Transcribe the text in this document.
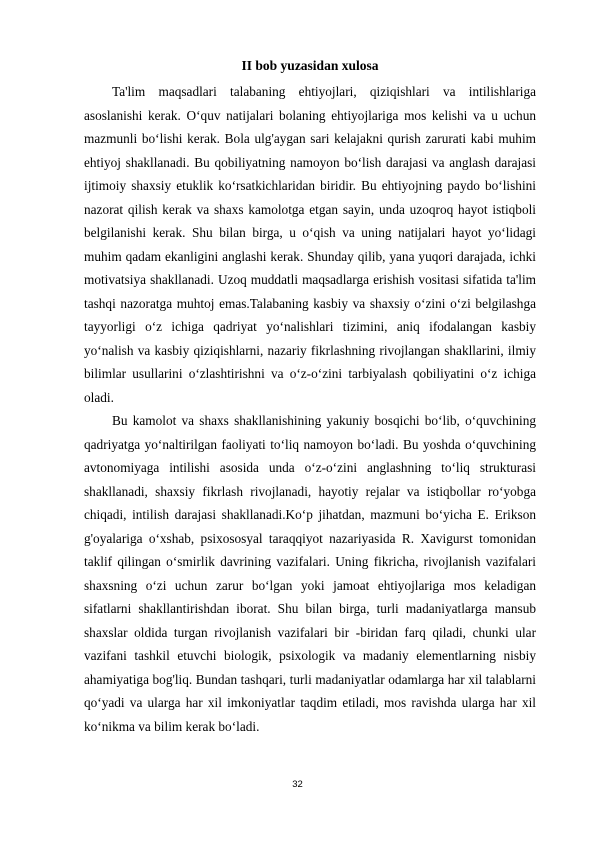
II bob yuzasidan xulosa

Ta'lim maqsadlari talabaning ehtiyojlari, qiziqishlari va intilishlariga asoslanishi kerak. O‘quv natijalari bolaning ehtiyojlariga mos kelishi va u uchun mazmunli bo‘lishi kerak. Bola ulg'aygan sari kelajakni qurish zarurati kabi muhim ehtiyoj shakllanadi. Bu qobiliyatning namoyon bo‘lish darajasi va anglash darajasi ijtimoiy shaxsiy etuklik ko‘rsatkichlaridan biridir. Bu ehtiyojning paydo bo‘lishini nazorat qilish kerak va shaxs kamolotga etgan sayin, unda uzoqroq hayot istiqboli belgilanishi kerak. Shu bilan birga, u o‘qish va uning natijalari hayot yo‘lidagi muhim qadam ekanligini anglashi kerak. Shunday qilib, yana yuqori darajada, ichki motivatsiya shakllanadi. Uzoq muddatli maqsadlarga erishish vositasi sifatida ta'lim tashqi nazoratga muhtoj emas.Talabaning kasbiy va shaxsiy o‘zini o‘zi belgilashga tayyorligi o‘z ichiga qadriyat yo‘nalishlari tizimini, aniq ifodalangan kasbiy yo‘nalish va kasbiy qiziqishlarni, nazariy fikrlashning rivojlangan shakllarini, ilmiy bilimlar usullarini o‘zlashtirishni va o‘z-o‘zini tarbiyalash qobiliyatini o‘z ichiga oladi.

Bu kamolot va shaxs shakllanishining yakuniy bosqichi bo‘lib, o‘quvchining qadriyatga yo‘naltirilgan faoliyati to‘liq namoyon bo‘ladi. Bu yoshda o‘quvchining avtonomiyaga intilishi asosida unda o‘z-o‘zini anglashning to‘liq strukturasi shakllanadi, shaxsiy fikrlash rivojlanadi, hayotiy rejalar va istiqbollar ro‘yobga chiqadi, intilish darajasi shakllanadi.Ko‘p jihatdan, mazmuni bo‘yicha E. Erikson g'oyalariga o‘xshab, psixososyal taraqqiyot nazariyasida R. Xavigurst tomonidan taklif qilingan o‘smirlik davrining vazifalari. Uning fikricha, rivojlanish vazifalari shaxsning o‘zi uchun zarur bo‘lgan yoki jamoat ehtiyojlariga mos keladigan sifatlarni shakllantirishdan iborat. Shu bilan birga, turli madaniyatlarga mansub shaxslar oldida turgan rivojlanish vazifalari bir -biridan farq qiladi, chunki ular vazifani tashkil etuvchi biologik, psixologik va madaniy elementlarning nisbiy ahamiyatiga bog'liq. Bundan tashqari, turli madaniyatlar odamlarga har xil talablarni qo‘yadi va ularga har xil imkoniyatlar taqdim etiladi, mos ravishda ularga har xil ko‘nikma va bilim kerak bo‘ladi.

32
